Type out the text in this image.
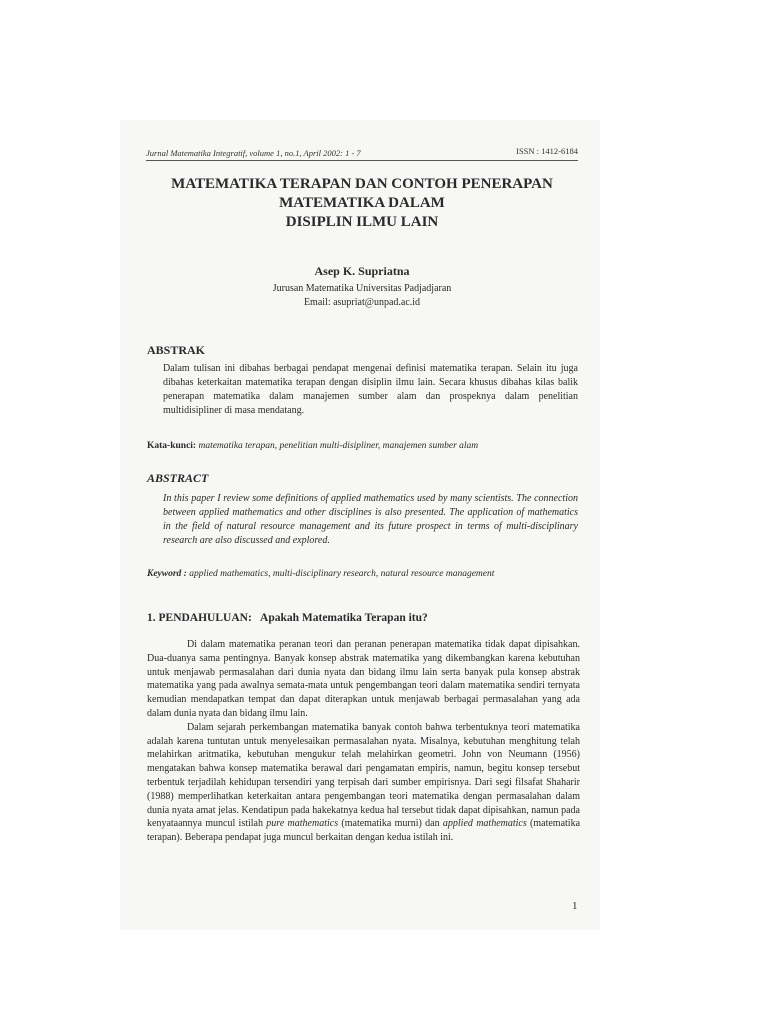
Jurnal Matematika Integratif, volume 1, no.1, April 2002: 1 - 7	ISSN : 1412-6184
MATEMATIKA TERAPAN DAN CONTOH PENERAPAN
MATEMATIKA DALAM
DISIPLIN ILMU LAIN
Asep K. Supriatna
Jurusan Matematika Universitas Padjadjaran
Email: asupriat@unpad.ac.id
ABSTRAK
Dalam tulisan ini dibahas berbagai pendapat mengenai definisi matematika terapan. Selain itu juga dibahas keterkaitan matematika terapan dengan disiplin ilmu lain. Secara khusus dibahas kilas balik penerapan matematika dalam manajemen sumber alam dan prospeknya dalam penelitian multidisipliner di masa mendatang.
Kata-kunci: matematika terapan, penelitian multi-disipliner, manajemen sumber alam
ABSTRACT
In this paper I review some definitions of applied mathematics used by many scientists. The connection between applied mathematics and other disciplines is also presented. The application of mathematics in the field of natural resource management and its future prospect in terms of multi-disciplinary research are also discussed and explored.
Keyword : applied mathematics, multi-disciplinary research, natural resource management
1. PENDAHULUAN: Apakah Matematika Terapan itu?

Di dalam matematika peranan teori dan peranan penerapan matematika tidak dapat dipisahkan. Dua-duanya sama pentingnya. Banyak konsep abstrak matematika yang dikembangkan karena kebutuhan untuk menjawab permasalahan dari dunia nyata dan bidang ilmu lain serta banyak pula konsep abstrak matematika yang pada awalnya semata-mata untuk pengembangan teori dalam matematika sendiri ternyata kemudian mendapatkan tempat dan dapat diterapkan untuk menjawab berbagai permasalahan yang ada dalam dunia nyata dan bidang ilmu lain.

Dalam sejarah perkembangan matematika banyak contoh bahwa terbentuknya teori matematika adalah karena tuntutan untuk menyelesaikan permasalahan nyata. Misalnya, kebutuhan menghitung telah melahirkan aritmatika, kebutuhan mengukur telah melahirkan geometri. John von Neumann (1956) mengatakan bahwa konsep matematika berawal dari pengamatan empiris, namun, begitu konsep tersebut terbentuk terjadilah kehidupan tersendiri yang terpisah dari sumber empirisnya. Dari segi filsafat Shaharir (1988) memperlihatkan keterkaitan antara pengembangan teori matematika dengan permasalahan dalam dunia nyata amat jelas. Kendatipun pada hakekatnya kedua hal tersebut tidak dapat dipisahkan, namun pada kenyataannya muncul istilah pure mathematics (matematika murni) dan applied mathematics (matematika terapan). Beberapa pendapat juga muncul berkaitan dengan kedua istilah ini.

1
